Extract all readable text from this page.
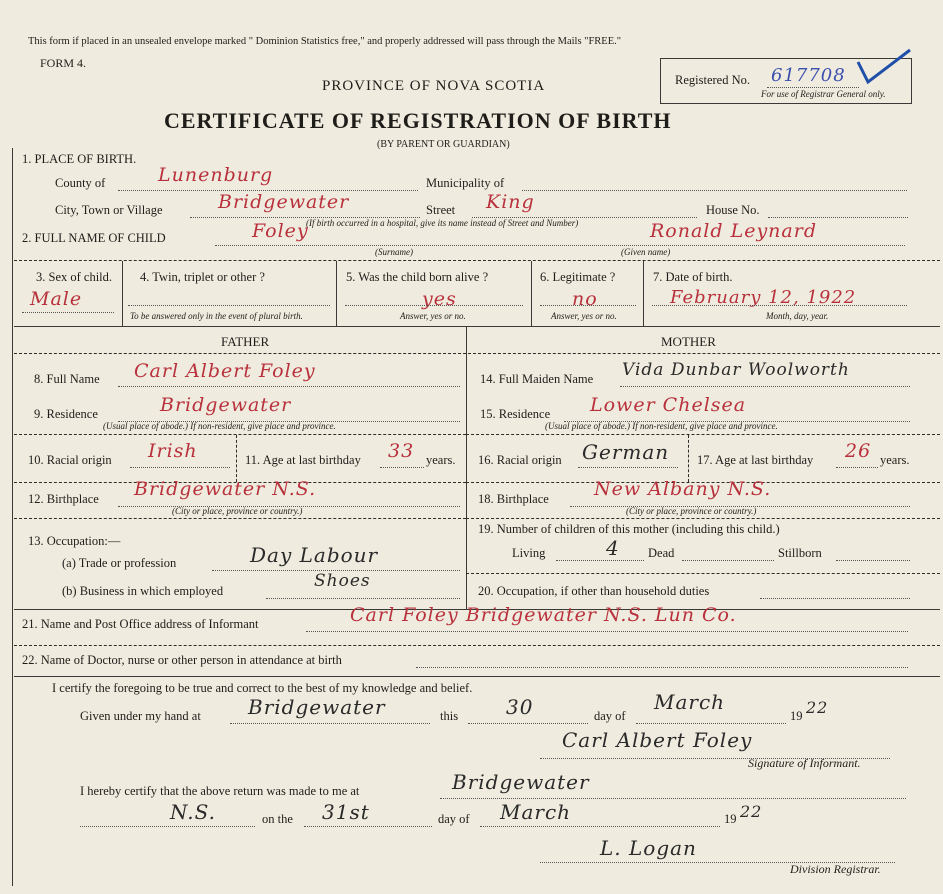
This form if placed in an unsealed envelope marked " Dominion Statistics free," and properly addressed will pass through the Mails "FREE."
FORM 4.
PROVINCE OF NOVA SCOTIA
CERTIFICATE OF REGISTRATION OF BIRTH
(BY PARENT OR GUARDIAN)
Registered No. 617708
For use of Registrar General only.
1. PLACE OF BIRTH.
County of	Lunenburg	Municipality of
City, Town or Village	Bridgewater	Street King	House No.
(If birth occurred in a hospital, give its name instead of Street and Number)
2. FULL NAME OF CHILD	Foley
(Surname)
Ronald Leynard
(Given name)
3. Sex of child.
Male
4. Twin, triplet or other ?
To be answered only in the event of plural birth.
5. Was the child born alive ?
yes
Answer, yes or no.
6. Legitimate ?
no
Answer, yes or no.
7. Date of birth.
February 12, 1922
Month, day, year.
FATHER	MOTHER
8. Full Name Carl Albert Foley
9. Residence	Bridgewater
(Usual place of abode.) If non-resident, give place and province.
10. Racial origin Irish	11. Age at last birthday 33 years.
12. Birthplace Bridgewater N.S.
(City or place, province or country.)
13. Occupation:—
(a) Trade or profession	Day Labour
(b) Business in which employed	Shoes
14. Full Maiden Name Vida Dunbar Woolworth
15. Residence Lower Chelsea
(Usual place of abode.) If non-resident, give place and province.
16. Racial origin German 17. Age at last birthday 26 years.
18. Birthplace New Albany N.S.
(City or place, province or country.)
19. Number of children of this mother (including this child.)
Living	4 Dead	Stillborn
20. Occupation, if other than household duties
21. Name and Post Office address of Informant	Carl Foley Bridgewater N.S. Lun Co.
22. Name of Doctor, nurse or other person in attendance at birth
I certify the foregoing to be true and correct to the best of my knowledge and belief.
Given under my hand at Bridgewater	this 30	day of
March
19 22
Carl Albert Foley
Signature of Informant.
I hereby certify that the above return was made to me at	Bridgewater
N.S.	on the 31st	day of March	19 22
L. Logan
Division Registrar.
